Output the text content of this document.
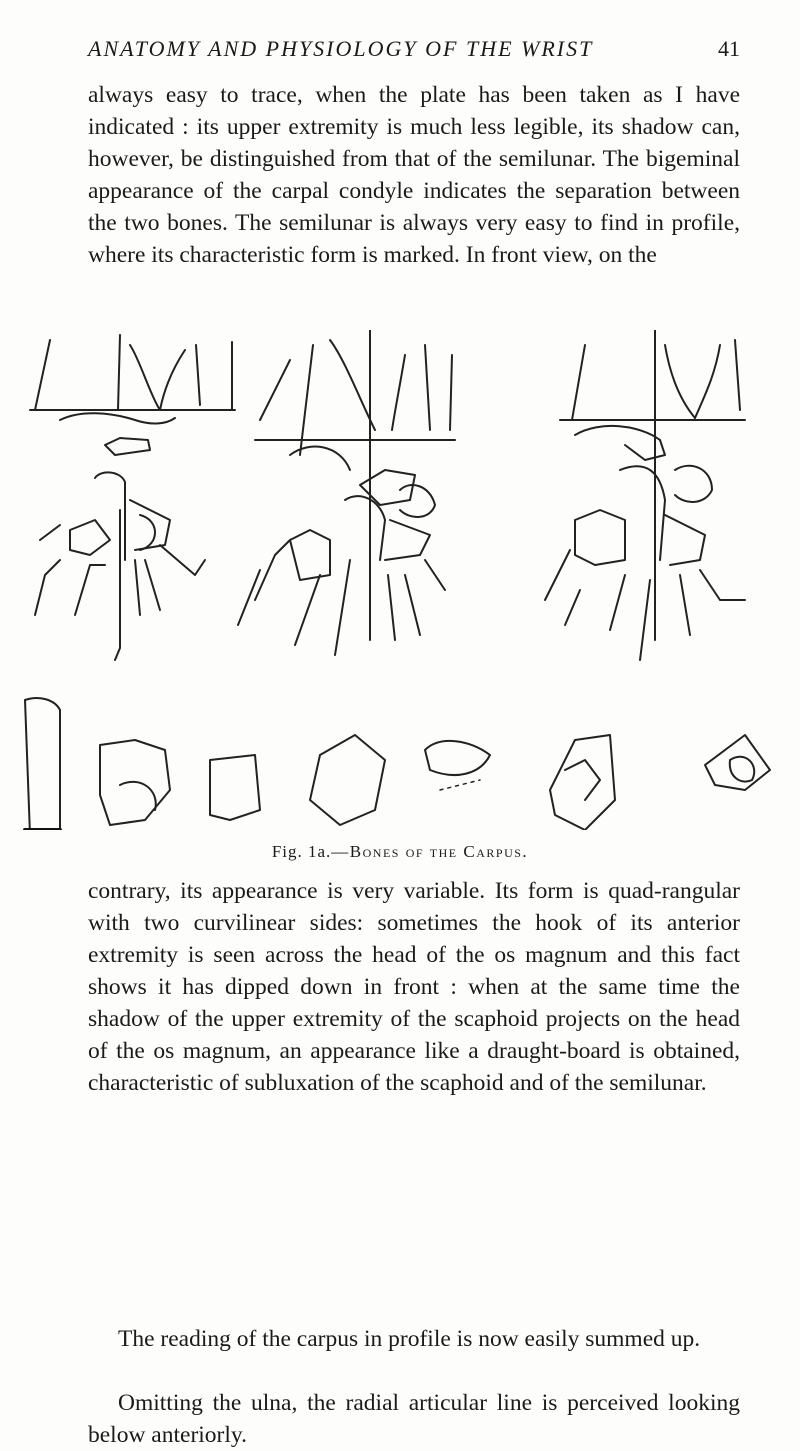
ANATOMY AND PHYSIOLOGY OF THE WRIST	41

always easy to trace, when the plate has been taken as I have indicated : its upper extremity is much less legible, its shadow can, however, be distinguished from that of the semilunar. The bigeminal appearance of the carpal condyle indicates the separation between the two bones. The semilunar is always very easy to find in profile, where its characteristic form is marked. In front view, on the

Fig. 1a.—Bones of the Carpus.

contrary, its appearance is very variable. Its form is quad-rangular with two curvilinear sides: sometimes the hook of its anterior extremity is seen across the head of the os magnum and this fact shows it has dipped down in front : when at the same time the shadow of the upper extremity of the scaphoid projects on the head of the os magnum, an appearance like a draught-board is obtained, characteristic of subluxation of the scaphoid and of the semilunar.

The reading of the carpus in profile is now easily summed up.

Omitting the ulna, the radial articular line is perceived looking below anteriorly.
